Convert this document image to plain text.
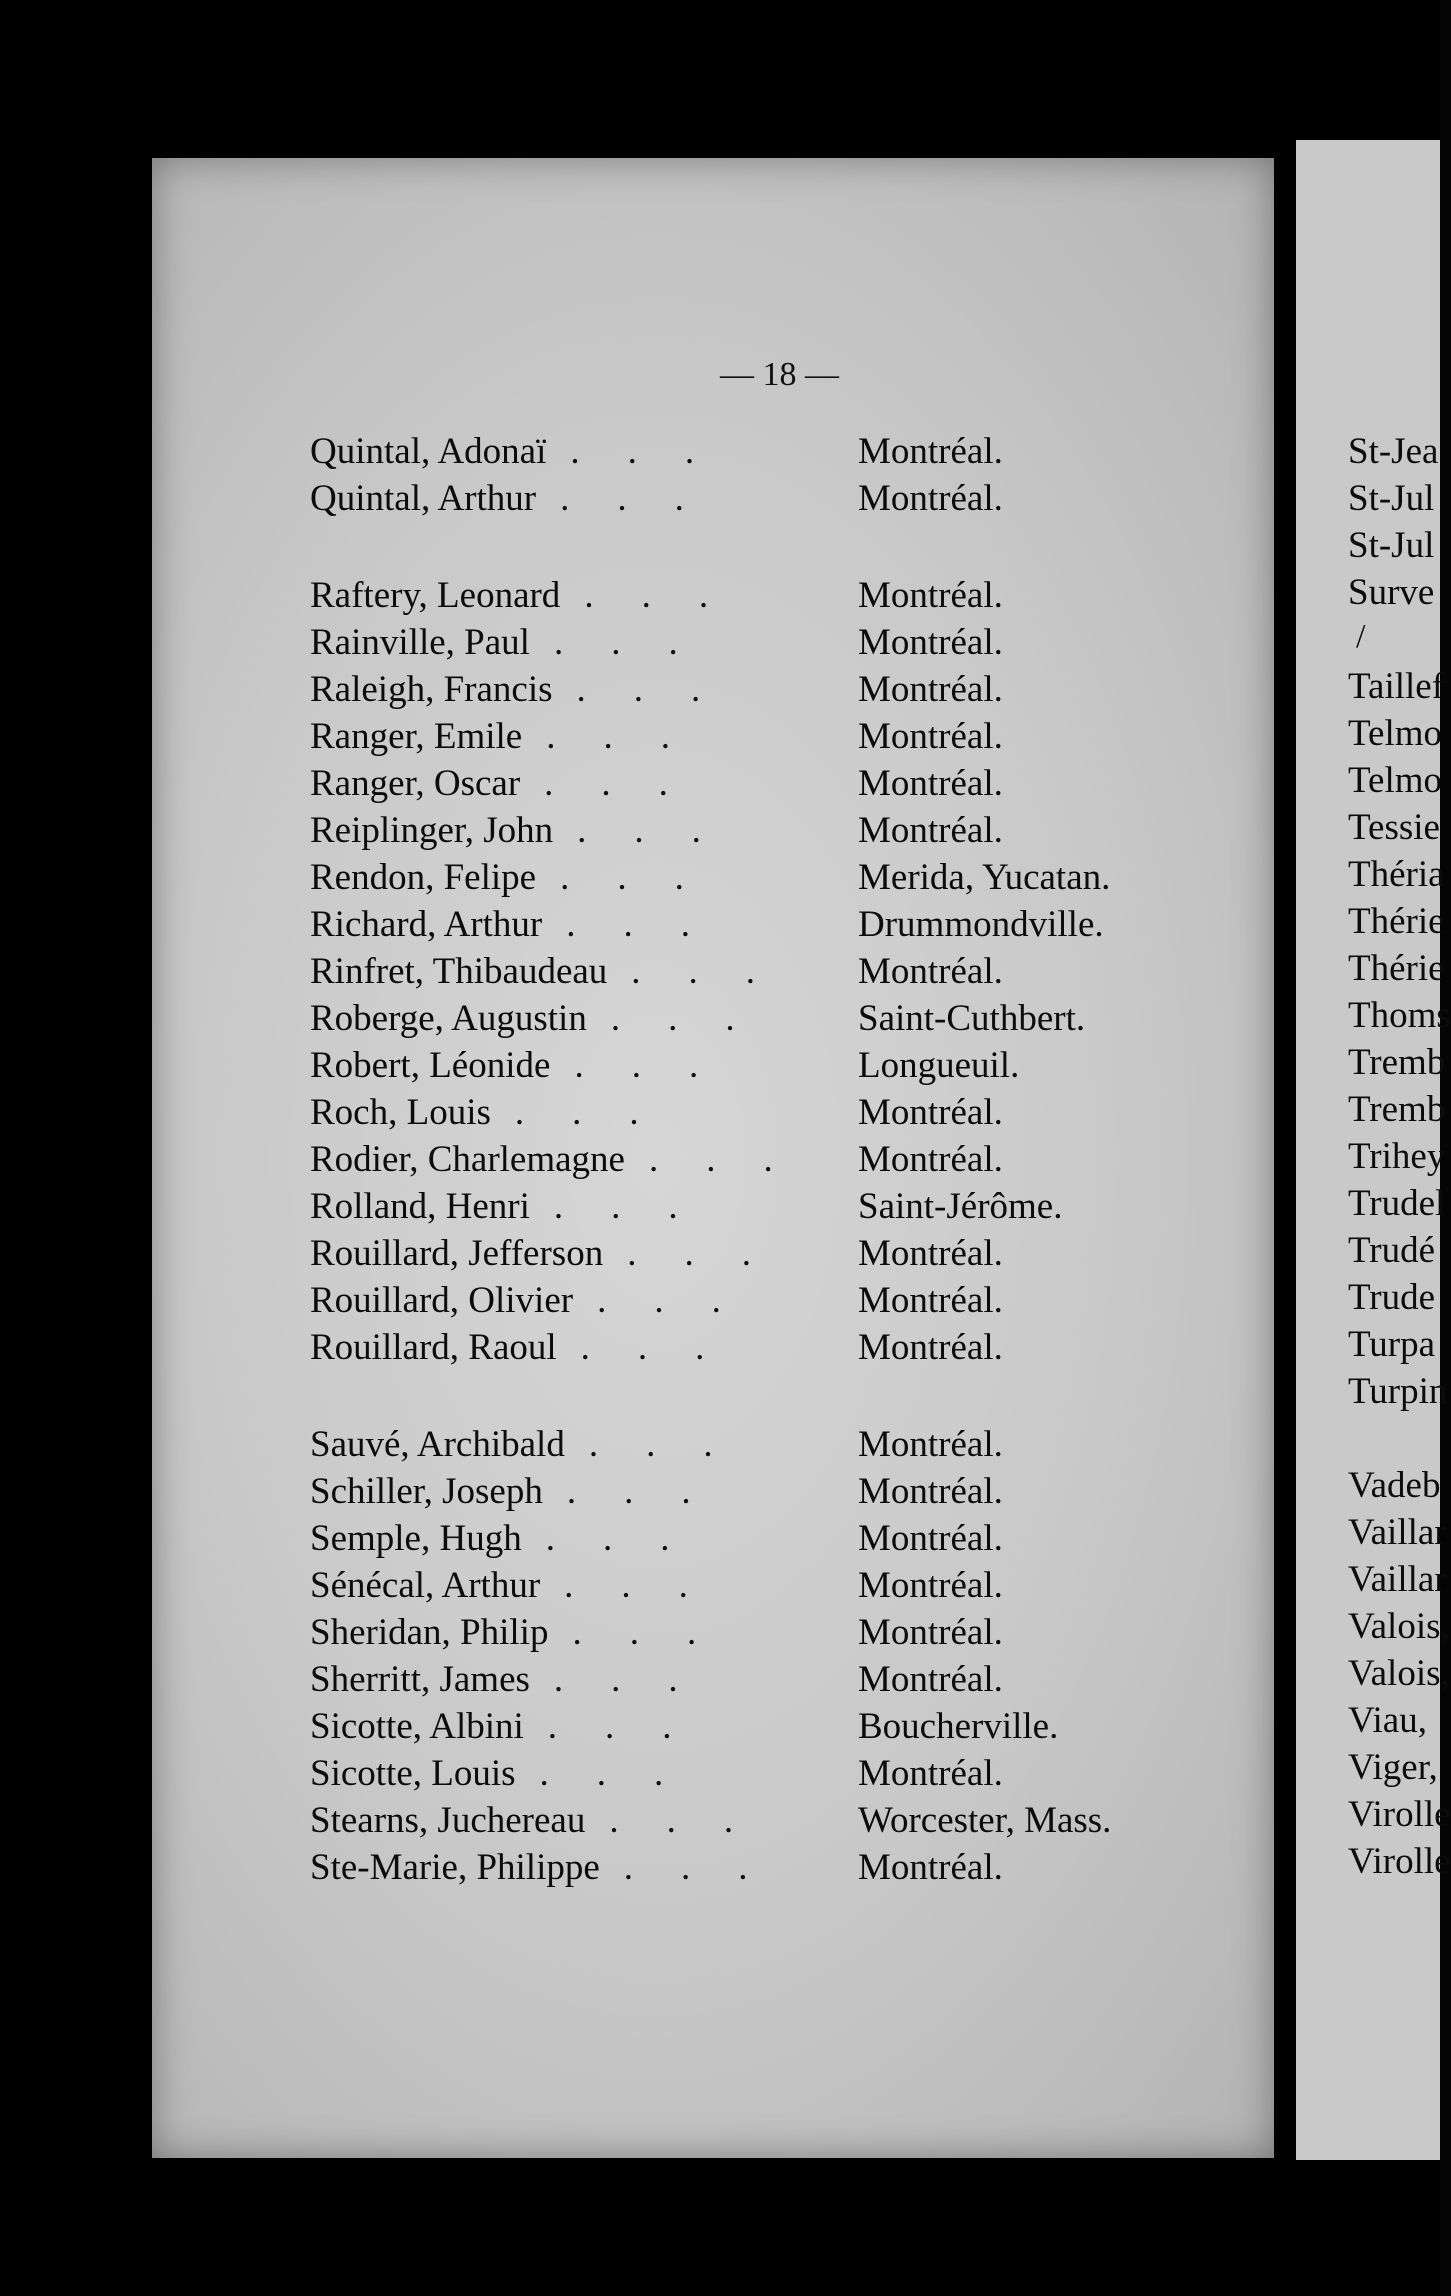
— 18 —
Quintal, Adonaï ...	Montréal.
Quintal, Arthur ...	Montréal.
Raftery, Leonard ...	Montréal.
Rainville, Paul ...	Montréal.
Raleigh, Francis ...	Montréal.
Ranger, Emile ...	Montréal.
Ranger, Oscar ...	Montréal.
Reiplinger, John ...	Montréal.
Rendon, Felipe ...	Merida, Yucatan.
Richard, Arthur ...	Drummondville.
Rinfret, Thibaudeau ...	Montréal.
Roberge, Augustin ...	Saint-Cuthbert.
Robert, Léonide ...	Longueuil.
Roch, Louis ...	Montréal.
Rodier, Charlemagne ...	Montréal.
Rolland, Henri ...	Saint-Jérôme.
Rouillard, Jefferson ...	Montréal.
Rouillard, Olivier ...	Montréal.
Rouillard, Raoul ...	Montréal.
Sauvé, Archibald ...	Montréal.
Schiller, Joseph ...	Montréal.
Semple, Hugh ...	Montréal.
Sénécal, Arthur ...	Montréal.
Sheridan, Philip ...	Montréal.
Sherritt, James ...	Montréal.
Sicotte, Albini ...	Boucherville.
Sicotte, Louis ...	Montréal.
Stearns, Juchereau ...	Worcester, Mass.
Ste-Marie, Philippe ...	Montréal.
St-Jea
St-Jul
St-Jul
Surve
/
Taillef
Telmo
Telmo
Tessie
Théria
Thérie
Thérie
Thoms
Tremb
Tremb
Trihey
Trudel
Trudé
Trude
Turpa
Turpin
Vadeb
Vaillar
Vaillar
Valois,
Valois,
Viau,
Viger,
Virolle
Virolle
